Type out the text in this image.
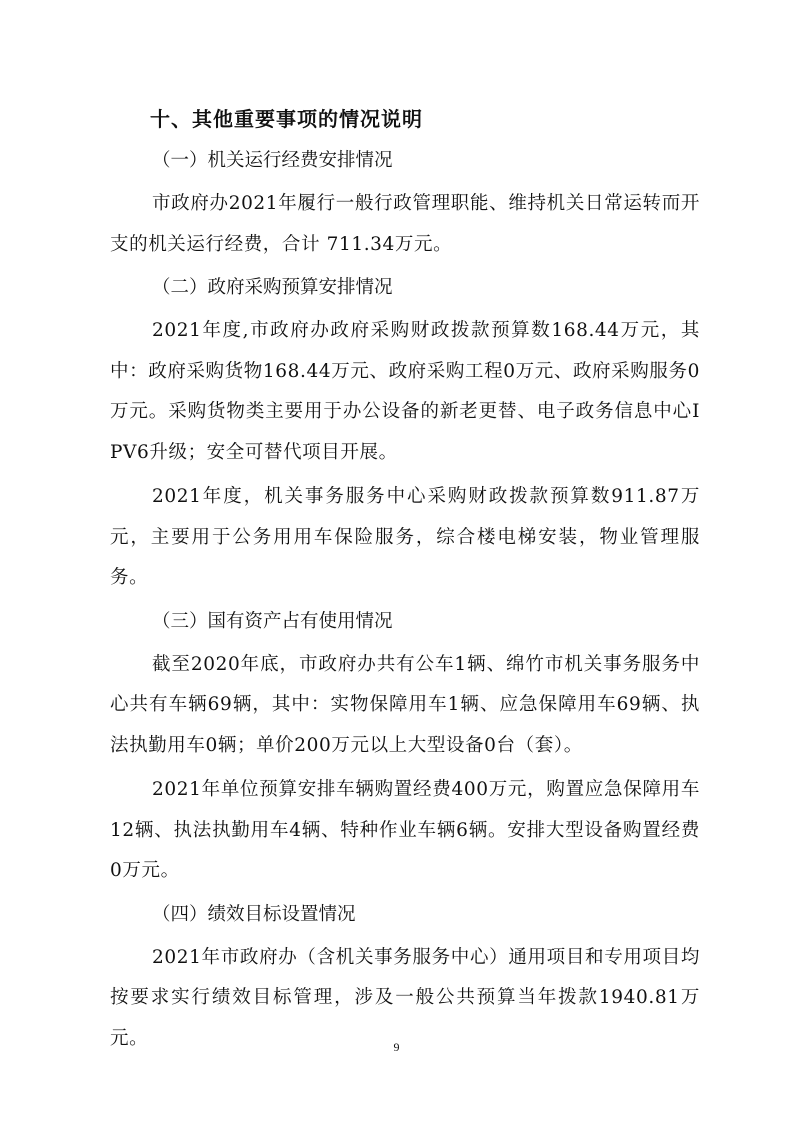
十、其他重要事项的情况说明
（一）机关运行经费安排情况

市政府办2021年履行一般行政管理职能、维持机关日常运转而开支的机关运行经费，合计 711.34万元。

（二）政府采购预算安排情况

2021年度,市政府办政府采购财政拨款预算数168.44万元，其中：政府采购货物168.44万元、政府采购工程0万元、政府采购服务0万元。采购货物类主要用于办公设备的新老更替、电子政务信息中心IPV6升级；安全可替代项目开展。

2021年度，机关事务服务中心采购财政拨款预算数911.87万元，主要用于公务用用车保险服务，综合楼电梯安装，物业管理服务。

（三）国有资产占有使用情况

截至2020年底，市政府办共有公车1辆、绵竹市机关事务服务中心共有车辆69辆，其中：实物保障用车1辆、应急保障用车69辆、执法执勤用车0辆；单价200万元以上大型设备0台（套）。

2021年单位预算安排车辆购置经费400万元，购置应急保障用车12辆、执法执勤用车4辆、特种作业车辆6辆。安排大型设备购置经费0万元。

（四）绩效目标设置情况

2021年市政府办（含机关事务服务中心）通用项目和专用项目均按要求实行绩效目标管理，涉及一般公共预算当年拨款1940.81万元。	9
